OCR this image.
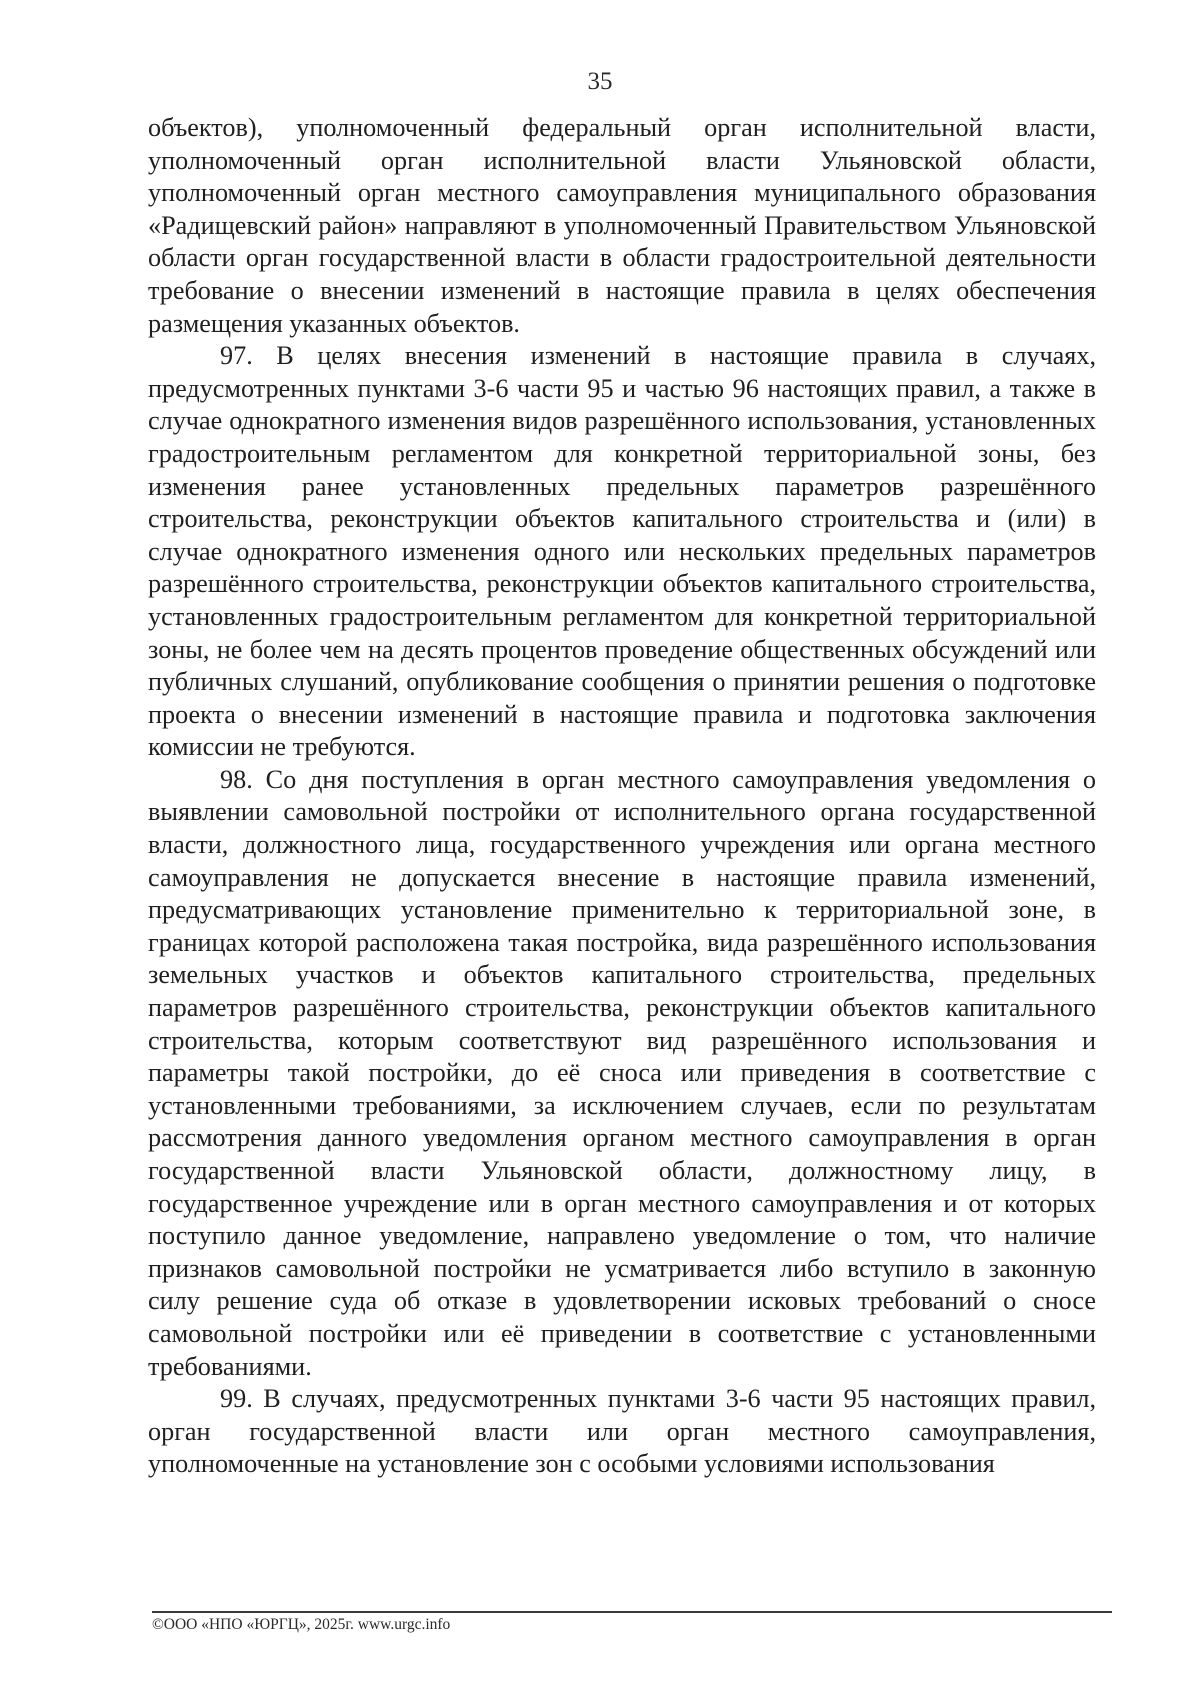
35

объектов), уполномоченный федеральный орган исполнительной власти, уполномоченный орган исполнительной власти Ульяновской области, уполномоченный орган местного самоуправления муниципального образования «Радищевский район» направляют в уполномоченный Правительством Ульяновской области орган государственной власти в области градостроительной деятельности требование о внесении изменений в настоящие правила в целях обеспечения размещения указанных объектов.

97. В целях внесения изменений в настоящие правила в случаях, предусмотренных пунктами 3-6 части 95 и частью 96 настоящих правил, а также в случае однократного изменения видов разрешённого использования, установленных градостроительным регламентом для конкретной территориальной зоны, без изменения ранее установленных предельных параметров разрешённого строительства, реконструкции объектов капитального строительства и (или) в случае однократного изменения одного или нескольких предельных параметров разрешённого строительства, реконструкции объектов капитального строительства, установленных градостроительным регламентом для конкретной территориальной зоны, не более чем на десять процентов проведение общественных обсуждений или публичных слушаний, опубликование сообщения о принятии решения о подготовке проекта о внесении изменений в настоящие правила и подготовка заключения комиссии не требуются.

98. Со дня поступления в орган местного самоуправления уведомления о выявлении самовольной постройки от исполнительного органа государственной власти, должностного лица, государственного учреждения или органа местного самоуправления не допускается внесение в настоящие правила изменений, предусматривающих установление применительно к территориальной зоне, в границах которой расположена такая постройка, вида разрешённого использования земельных участков и объектов капитального строительства, предельных параметров разрешённого строительства, реконструкции объектов капитального строительства, которым соответствуют вид разрешённого использования и параметры такой постройки, до её сноса или приведения в соответствие с установленными требованиями, за исключением случаев, если по результатам рассмотрения данного уведомления органом местного самоуправления в орган государственной власти Ульяновской области, должностному лицу, в государственное учреждение или в орган местного самоуправления и от которых поступило данное уведомление, направлено уведомление о том, что наличие признаков самовольной постройки не усматривается либо вступило в законную силу решение суда об отказе в удовлетворении исковых требований о сносе самовольной постройки или её приведении в соответствие с установленными требованиями.

99. В случаях, предусмотренных пунктами 3-6 части 95 настоящих правил, орган государственной власти или орган местного самоуправления, уполномоченные на установление зон с особыми условиями использования

©ООО «НПО «ЮРГЦ», 2025г. www.urgc.info
